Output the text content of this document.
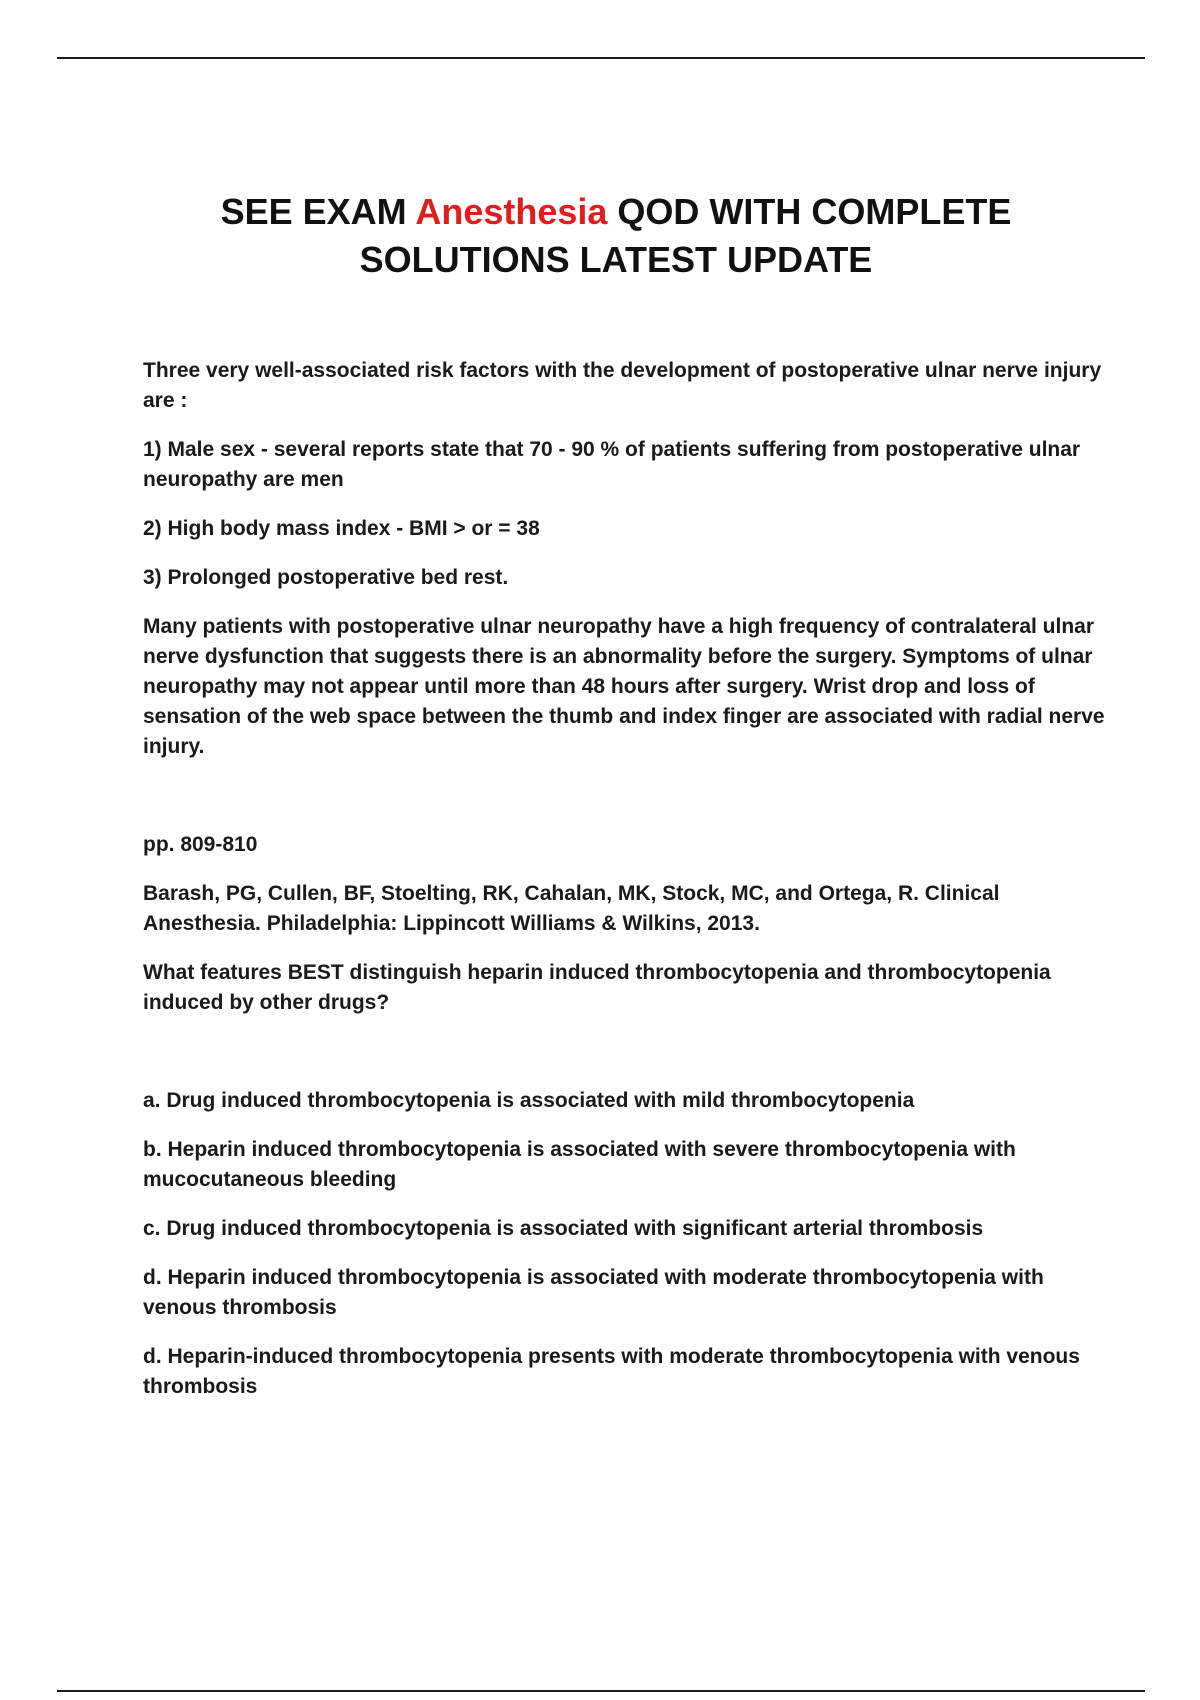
SEE EXAM Anesthesia QOD WITH COMPLETE SOLUTIONS LATEST UPDATE

Three very well-associated risk factors with the development of postoperative ulnar nerve injury are :

1) Male sex - several reports state that 70 - 90 % of patients suffering from postoperative ulnar neuropathy are men

2) High body mass index - BMI > or = 38

3) Prolonged postoperative bed rest.

Many patients with postoperative ulnar neuropathy have a high frequency of contralateral ulnar nerve dysfunction that suggests there is an abnormality before the surgery. Symptoms of ulnar neuropathy may not appear until more than 48 hours after surgery. Wrist drop and loss of sensation of the web space between the thumb and index finger are associated with radial nerve injury.

pp. 809-810

Barash, PG, Cullen, BF, Stoelting, RK, Cahalan, MK, Stock, MC, and Ortega, R. Clinical Anesthesia. Philadelphia: Lippincott Williams & Wilkins, 2013.

What features BEST distinguish heparin induced thrombocytopenia and thrombocytopenia induced by other drugs?

a. Drug induced thrombocytopenia is associated with mild thrombocytopenia

b. Heparin induced thrombocytopenia is associated with severe thrombocytopenia with mucocutaneous bleeding

c. Drug induced thrombocytopenia is associated with significant arterial thrombosis

d. Heparin induced thrombocytopenia is associated with moderate thrombocytopenia with venous thrombosis

d. Heparin-induced thrombocytopenia presents with moderate thrombocytopenia with venous thrombosis
